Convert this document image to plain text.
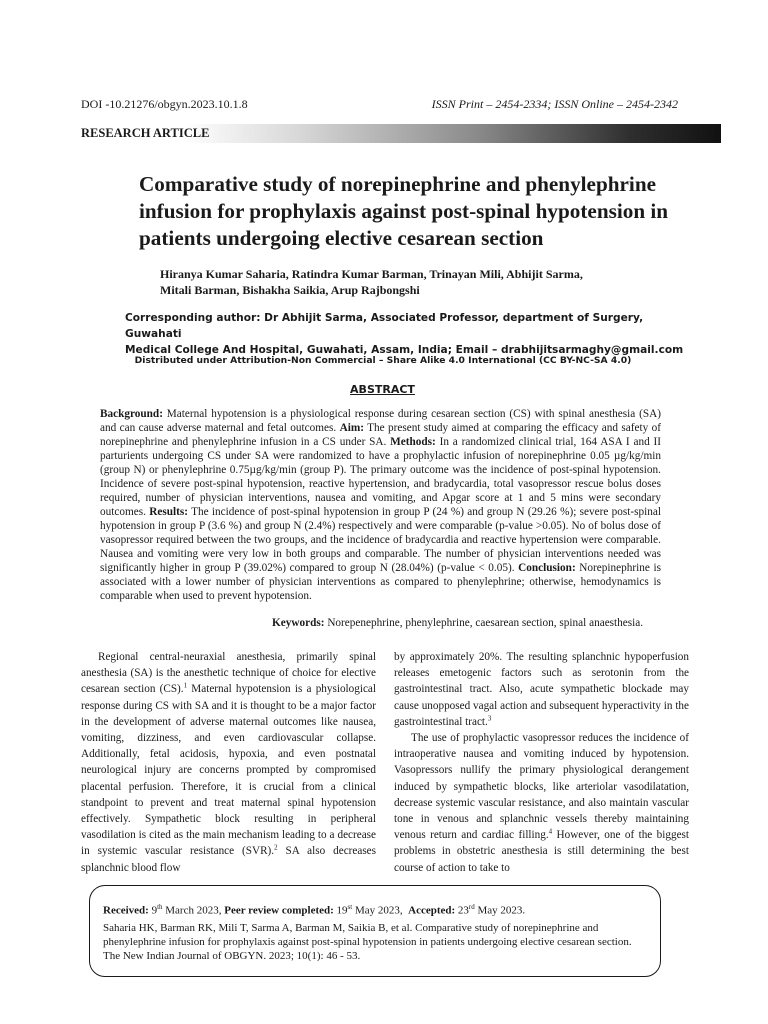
DOI -10.21276/obgyn.2023.10.1.8	ISSN Print – 2454-2334; ISSN Online – 2454-2342
RESEARCH ARTICLE
Comparative study of norepinephrine and phenylephrine infusion for prophylaxis against post-spinal hypotension in patients undergoing elective cesarean section
Hiranya Kumar Saharia, Ratindra Kumar Barman, Trinayan Mili, Abhijit Sarma,
Mitali Barman, Bishakha Saikia, Arup Rajbongshi
Corresponding author: Dr Abhijit Sarma, Associated Professor, department of Surgery, Guwahati
Medical College And Hospital, Guwahati, Assam, India; Email – drabhijitsarmaghy@gmail.com
Distributed under Attribution-Non Commercial – Share Alike 4.0 International (CC BY-NC-SA 4.0)
ABSTRACT
Background: Maternal hypotension is a physiological response during cesarean section (CS) with spinal anesthesia (SA) and can cause adverse maternal and fetal outcomes. Aim: The present study aimed at comparing the efficacy and safety of norepinephrine and phenylephrine infusion in a CS under SA. Methods: In a randomized clinical trial, 164 ASA I and II parturients undergoing CS under SA were randomized to have a prophylactic infusion of norepinephrine 0.05 µg/kg/min (group N) or phenylephrine 0.75µg/kg/min (group P). The primary outcome was the incidence of post-spinal hypotension. Incidence of severe post-spinal hypotension, reactive hypertension, and bradycardia, total vasopressor rescue bolus doses required, number of physician interventions, nausea and vomiting, and Apgar score at 1 and 5 mins were secondary outcomes. Results: The incidence of post-spinal hypotension in group P (24 %) and group N (29.26 %); severe post-spinal hypotension in group P (3.6 %) and group N (2.4%) respectively and were comparable (p-value >0.05). No of bolus dose of vasopressor required between the two groups, and the incidence of bradycardia and reactive hypertension were comparable. Nausea and vomiting were very low in both groups and comparable. The number of physician interventions needed was significantly higher in group P (39.02%) compared to group N (28.04%) (p-value < 0.05). Conclusion: Norepinephrine is associated with a lower number of physician interventions as compared to phenylephrine; otherwise, hemodynamics is comparable when used to prevent hypotension.
Keywords: Norepenephrine, phenylephrine, caesarean section, spinal anaesthesia.

Regional central-neuraxial anesthesia, primarily spinal anesthesia (SA) is the anesthetic technique of choice for elective cesarean section (CS).$^1$ Maternal hypotension is a physiological response during CS with SA and it is thought to be a major factor in the development of adverse maternal outcomes like nausea, vomiting, dizziness, and even cardiovascular collapse. Additionally, fetal acidosis, hypoxia, and even postnatal neurological injury are concerns prompted by compromised placental perfusion. Therefore, it is crucial from a clinical standpoint to prevent and treat maternal spinal hypotension effectively. Sympathetic block resulting in peripheral vasodilation is cited as the main mechanism leading to a decrease in systemic vascular resistance (SVR).$^2$ SA also decreases splanchnic blood flow

by approximately 20%. The resulting splanchnic hypoperfusion releases emetogenic factors such as serotonin from the gastrointestinal tract. Also, acute sympathetic blockade may cause unopposed vagal action and subsequent hyperactivity in the gastrointestinal tract.$^3$

The use of prophylactic vasopressor reduces the incidence of intraoperative nausea and vomiting induced by hypotension. Vasopressors nullify the primary physiological derangement induced by sympathetic blocks, like arteriolar vasodilatation, decrease systemic vascular resistance, and also maintain vascular tone in venous and splanchnic vessels thereby maintaining venous return and cardiac filling.$^4$ However, one of the biggest problems in obstetric anesthesia is still determining the best course of action to take to

Received: 9th March 2023, Peer review completed: 19st May 2023, Accepted: 23rd May 2023.
Saharia HK, Barman RK, Mili T, Sarma A, Barman M, Saikia B, et al. Comparative study of norepinephrine and phenylephrine infusion for prophylaxis against post-spinal hypotension in patients undergoing elective cesarean section. The New Indian Journal of OBGYN. 2023; 10(1): 46 - 53.
